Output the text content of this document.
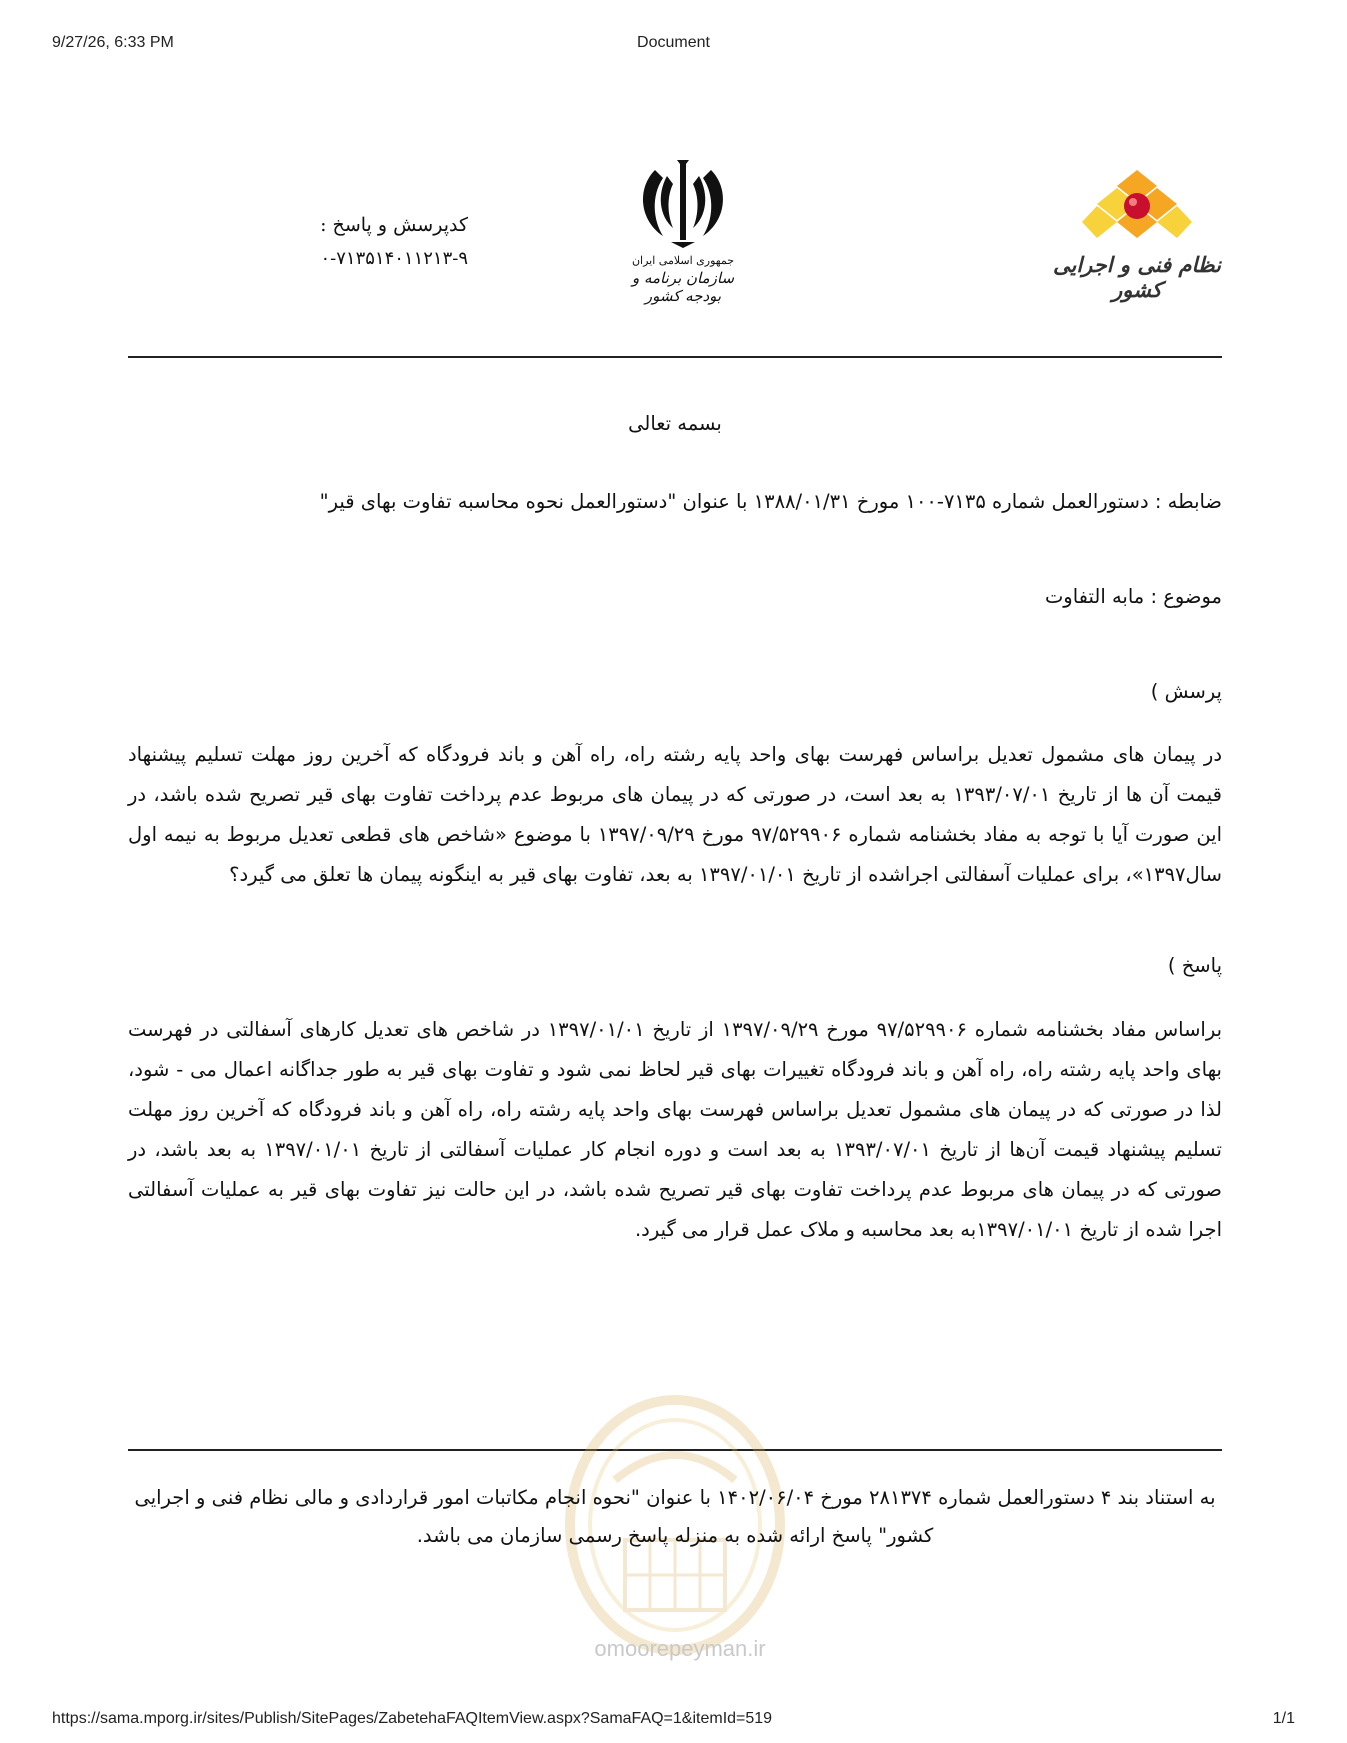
9/27/26, 6:33 PM	Document
کدپرسش و پاسخ :
۰-۷۱۳۵۱۴۰۱۱۲۱۳-۹	جمهوری اسلامی ایران
سازمان برنامه و بودجه کشور
نظام فنی و اجرایی کشور
بسمه تعالی
ضابطه : دستورالعمل شماره ۷۱۳۵-۱۰۰ مورخ ۱۳۸۸/۰۱/۳۱ با عنوان "دستورالعمل نحوه محاسبه تفاوت بهای قیر"
موضوع : مابه التفاوت
پرسش )
در پیمان های مشمول تعدیل براساس فهرست بهای واحد پایه رشته راه، راه آهن و باند فرودگاه که آخرین روز مهلت تسلیم پیشنهاد قیمت آن ها از تاریخ ۱۳۹۳/۰۷/۰۱ به بعد است، در صورتی که در پیمان های مربوط عدم پرداخت تفاوت بهای قیر تصریح شده باشد، در این صورت آیا با توجه به مفاد بخشنامه شماره ۹۷/۵۲۹۹۰۶ مورخ ۱۳۹۷/۰۹/۲۹ با موضوع «شاخص های قطعی تعدیل مربوط به نیمه اول سال۱۳۹۷»، برای عملیات آسفالتی اجراشده از تاریخ ۱۳۹۷/۰۱/۰۱ به بعد، تفاوت بهای قیر به اینگونه پیمان ها تعلق می گیرد؟
پاسخ )
براساس مفاد بخشنامه شماره ۹۷/۵۲۹۹۰۶ مورخ ۱۳۹۷/۰۹/۲۹ از تاریخ ۱۳۹۷/۰۱/۰۱ در شاخص های تعدیل کارهای آسفالتی در فهرست بهای واحد پایه رشته راه، راه آهن و باند فرودگاه تغییرات بهای قیر لحاظ نمی شود و تفاوت بهای قیر به طور جداگانه اعمال می - شود، لذا در صورتی که در پیمان های مشمول تعدیل براساس فهرست بهای واحد پایه رشته راه، راه آهن و باند فرودگاه که آخرین روز مهلت تسلیم پیشنهاد قیمت آن‌ها از تاریخ ۱۳۹۳/۰۷/۰۱ به بعد است و دوره انجام کار عملیات آسفالتی از تاریخ ۱۳۹۷/۰۱/۰۱ به بعد باشد، در صورتی که در پیمان های مربوط عدم پرداخت تفاوت بهای قیر تصریح شده باشد، در این حالت نیز تفاوت بهای قیر به عملیات آسفالتی اجرا شده از تاریخ ۱۳۹۷/۰۱/۰۱به بعد محاسبه و ملاک عمل قرار می گیرد.
به استناد بند ۴ دستورالعمل شماره ۲۸۱۳۷۴ مورخ ۱۴۰۲/۰۶/۰۴ با عنوان "نحوه انجام مکاتبات امور قراردادی و مالی نظام فنی و اجرایی کشور" پاسخ ارائه شده به منزله پاسخ رسمی سازمان می باشد.
omoorepeyman.ir
https://sama.mporg.ir/sites/Publish/SitePages/ZabetehaFAQItemView.aspx?SamaFAQ=1&itemId=519	1/1
